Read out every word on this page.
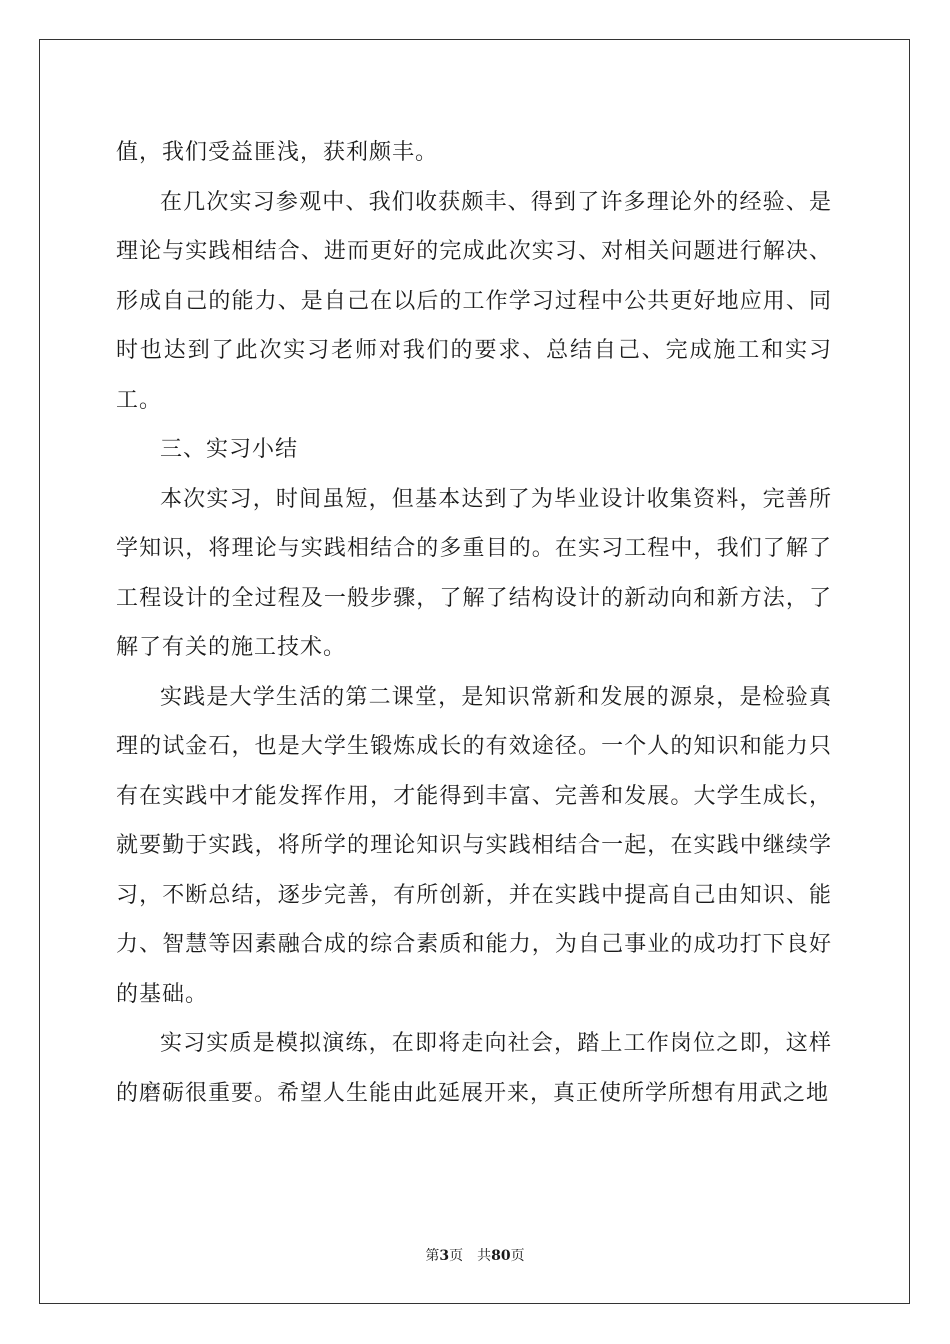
值，我们受益匪浅，获利颇丰。

在几次实习参观中、我们收获颇丰、得到了许多理论外的经验、是理论与实践相结合、进而更好的完成此次实习、对相关问题进行解决、形成自己的能力、是自己在以后的工作学习过程中公共更好地应用、同时也达到了此次实习老师对我们的要求、总结自己、完成施工和实习工。

三、实习小结

本次实习，时间虽短，但基本达到了为毕业设计收集资料，完善所学知识，将理论与实践相结合的多重目的。在实习工程中，我们了解了工程设计的全过程及一般步骤，了解了结构设计的新动向和新方法，了解了有关的施工技术。

实践是大学生活的第二课堂，是知识常新和发展的源泉，是检验真理的试金石，也是大学生锻炼成长的有效途径。一个人的知识和能力只有在实践中才能发挥作用，才能得到丰富、完善和发展。大学生成长，就要勤于实践，将所学的理论知识与实践相结合一起，在实践中继续学习，不断总结，逐步完善，有所创新，并在实践中提高自己由知识、能力、智慧等因素融合成的综合素质和能力，为自己事业的成功打下良好的基础。

实习实质是模拟演练，在即将走向社会，踏上工作岗位之即，这样的磨砺很重要。希望人生能由此延展开来，真正使所学所想有用武之地

第3页 共80页
